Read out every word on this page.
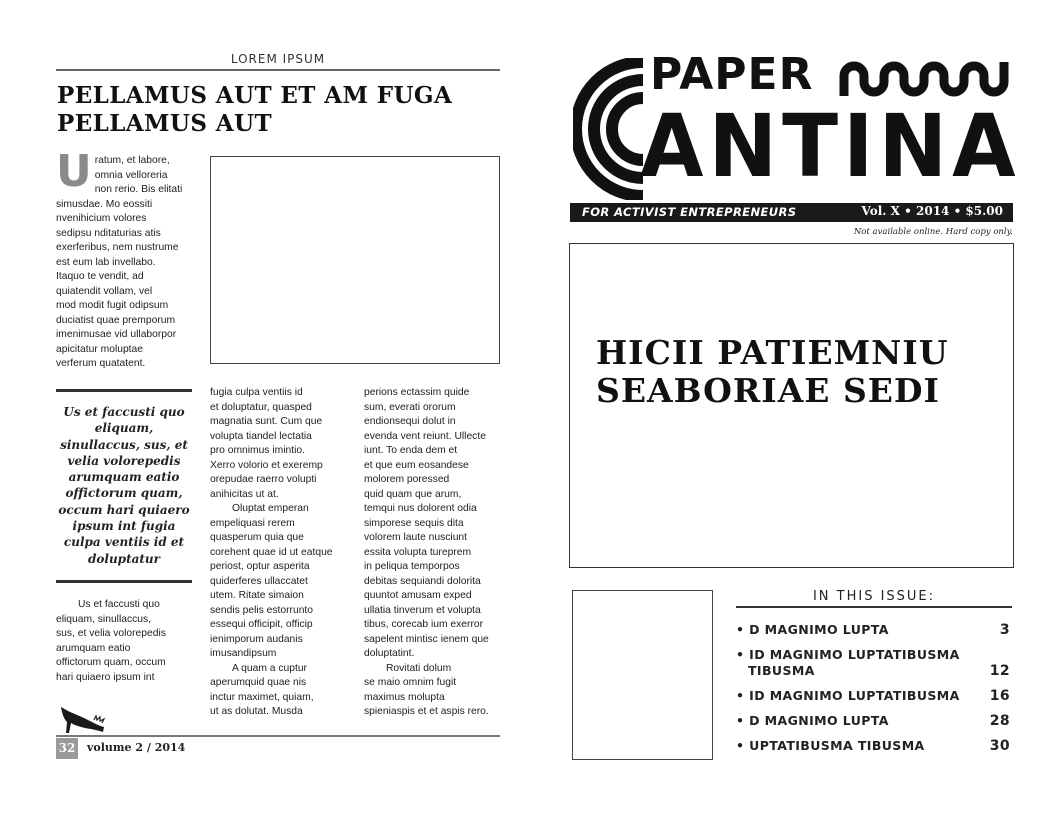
LOREM IPSUM
PELLAMUS AUT ET AM FUGA
PELLAMUS AUT
U ratum, et labore,
omnia velloreria
non rerio. Bis elitati
simusdae. Mo eossiti
nvenihicium volores
sedipsu nditaturias atis
exerferibus, nem nustrume
est eum lab invellabo.
Itaquo te vendit, ad
quiatendit vollam, vel
mod modit fugit odipsum
duciatist quae premporum
imenimusae vid ullaborpor
apicitatur moluptae
verferum quatatent.
Us et faccusti quo eliquam, sinullaccus, sus, et velia volorepedis arumquam eatio offictorum quam, occum hari quiaero ipsum int fugia culpa ventiis id et doluptatur
Us et faccusti quo
eliquam, sinullaccus,
sus, et velia volorepedis
arumquam eatio
offictorum quam, occum
hari quiaero ipsum int
fugia culpa ventiis id
et doluptatur, quasped
magnatia sunt. Cum que
volupta tiandel lectatia
pro omnimus imintio.
Xerro volorio et exeremp
orepudae raerro volupti
anihicitas ut at.
Oluptat emperan
empeliquasi rerem
quasperum quia que
corehent quae id ut eatque
periost, optur asperita
quiderferes ullaccatet
utem. Ritate simaion
sendis pelis estorrunto
essequi officipit, officip
ienimporum audanis
imusandipsum
A quam a cuptur
aperumquid quae nis
inctur maximet, quiam,
ut as dolutat. Musda
perions ectassim quide
sum, everati ororum
endionsequi dolut in
evenda vent reiunt. Ullecte
iunt. To enda dem et
et que eum eosandese
molorem poressed
quid quam que arum,
temqui nus dolorent odia
simporese sequis dita
volorem laute nusciunt
essita volupta tureprem
in peliqua temporpos
debitas sequiandi dolorita
quuntot amusam exped
ullatia tinverum et volupta
tibus, corecab ium exerror
sapelent mintisc ienem que
doluptatint.
Rovitati dolum
se maio omnim fugit
maximus molupta
spieniaspis et et aspis rero.
32 volume 2 / 2014
PAPER
ANTINA
FOR ACTIVIST ENTREPRENEURS	Vol. X • 2014 • $5.00
Not available online. Hard copy only.
HICII PATIEMNIU
SEABORIAE SEDI
IN THIS ISSUE:
• D MAGNIMO LUPTA	3
• ID MAGNIMO LUPTATIBUSMA TIBUSMA	12
• ID MAGNIMO LUPTATIBUSMA 16
• D MAGNIMO LUPTA	28
• UPTATIBUSMA TIBUSMA	30
